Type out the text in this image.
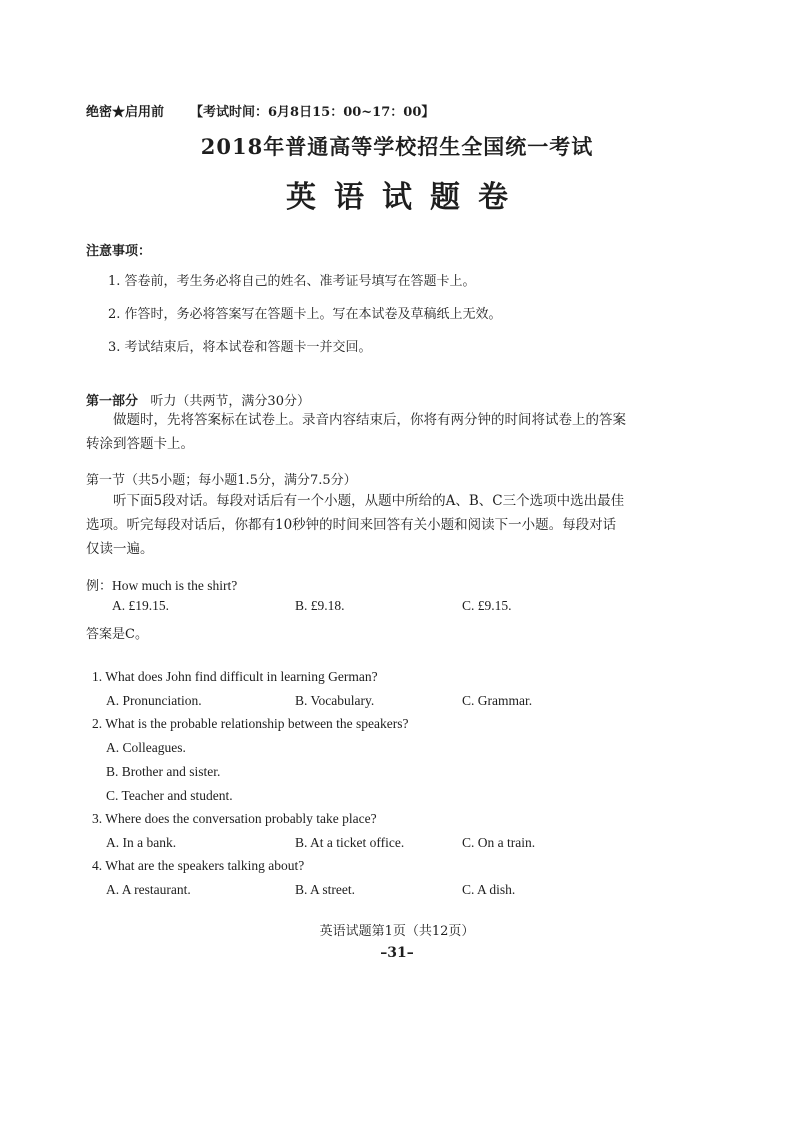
绝密★启用前 【考试时间：6月8日15：00~17：00】
2018年普通高等学校招生全国统一考试
英语试题卷
注意事项：
1. 答卷前，考生务必将自己的姓名、准考证号填写在答题卡上。
2. 作答时，务必将答案写在答题卡上。写在本试卷及草稿纸上无效。
3. 考试结束后，将本试卷和答题卡一并交回。
第一部分 听力（共两节，满分30分）
做题时，先将答案标在试卷上。录音内容结束后，你将有两分钟的时间将试卷上的答案转涂到答题卡上。
第一节（共5小题；每小题1.5分，满分7.5分）
听下面5段对话。每段对话后有一个小题，从题中所给的A、B、C三个选项中选出最佳选项。听完每段对话后，你都有10秒钟的时间来回答有关小题和阅读下一小题。每段对话仅读一遍。
例：How much is the shirt?
A. £19.15.	B. £9.18.	C. £9.15.
答案是C。
1. What does John find difficult in learning German?
A. Pronunciation.	B. Vocabulary.	C. Grammar.
2. What is the probable relationship between the speakers?
A. Colleagues.
B. Brother and sister.
C. Teacher and student.
3. Where does the conversation probably take place?
A. In a bank.	B. At a ticket office.	C. On a train.
4. What are the speakers talking about?
A. A restaurant.	B. A street.	C. A dish.
英语试题第1页（共12页）
–31–
